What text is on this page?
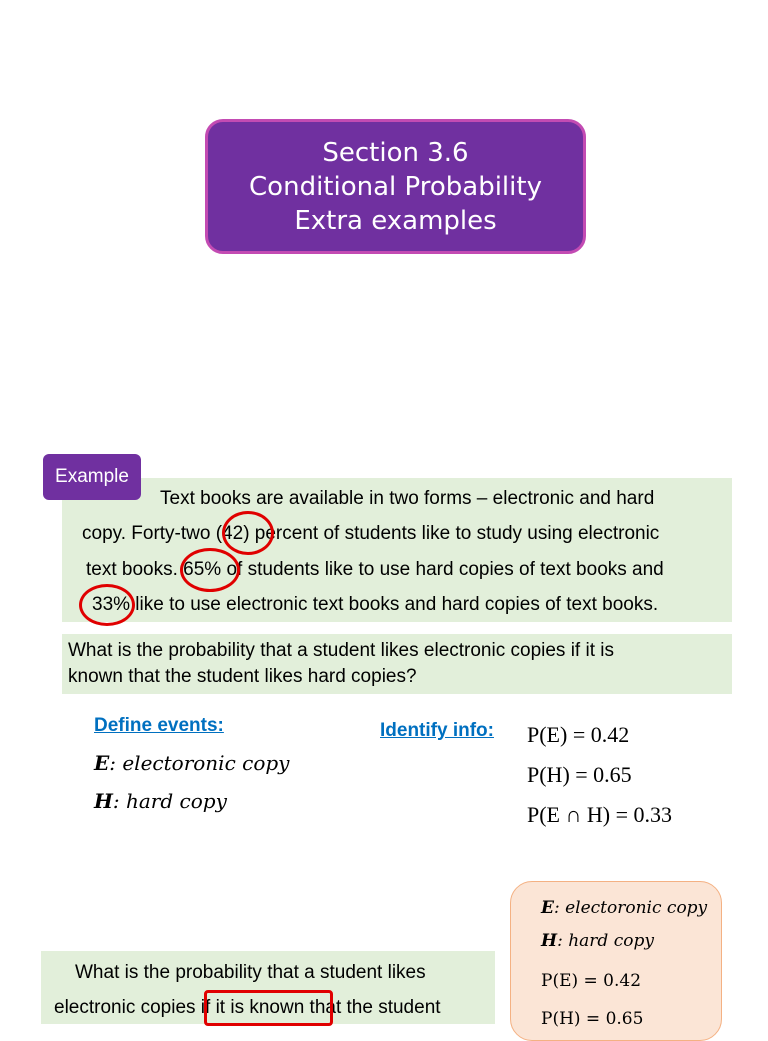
Section 3.6
Conditional Probability
Extra examples
Text books are available in two forms – electronic and hard
copy. Forty-two (42) percent of students like to study using electronic
text books. 65% of students like to use hard copies of text books and
33% like to use electronic text books and hard copies of text books.
Example
What is the probability that a student likes electronic copies if it is
known that the student likes hard copies?
Define events:
E: electoronic copy
H: hard copy
Identify info: P(E) = 0.42
P(H) = 0.65
P(E ∩ H) = 0.33
What is the probability that a student likes
electronic copies if it is known that the student
E: electoronic copy
H: hard copy
P(E) = 0.42
P(H) = 0.65
